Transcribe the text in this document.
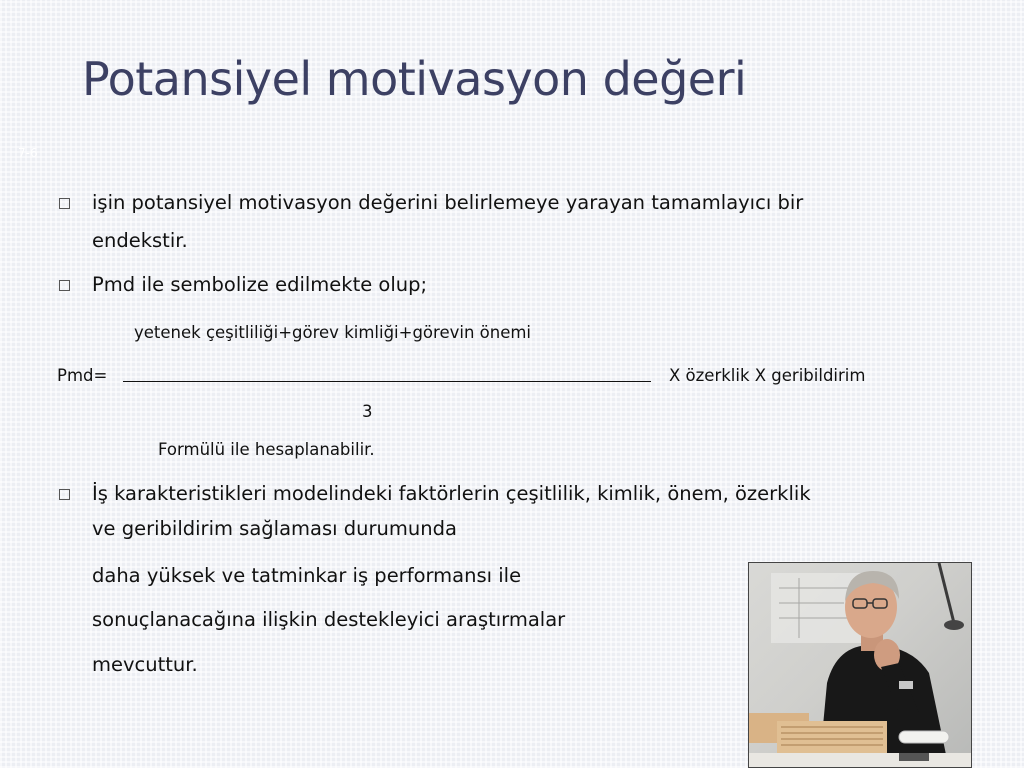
Potansiyel motivasyon değeri
7-6
işin potansiyel motivasyon değerini belirlemeye yarayan tamamlayıcı bir
endekstir.
Pmd ile sembolize edilmekte olup;
yetenek çeşitliliği+görev kimliği+görevin önemi
Pmd=	X özerklik X geribildirim
3
Formülü ile hesaplanabilir.
İş karakteristikleri modelindeki faktörlerin çeşitlilik, kimlik, önem, özerklik
ve geribildirim sağlaması durumunda
daha yüksek ve tatminkar iş performansı ile
sonuçlanacağına ilişkin destekleyici araştırmalar
mevcuttur.
